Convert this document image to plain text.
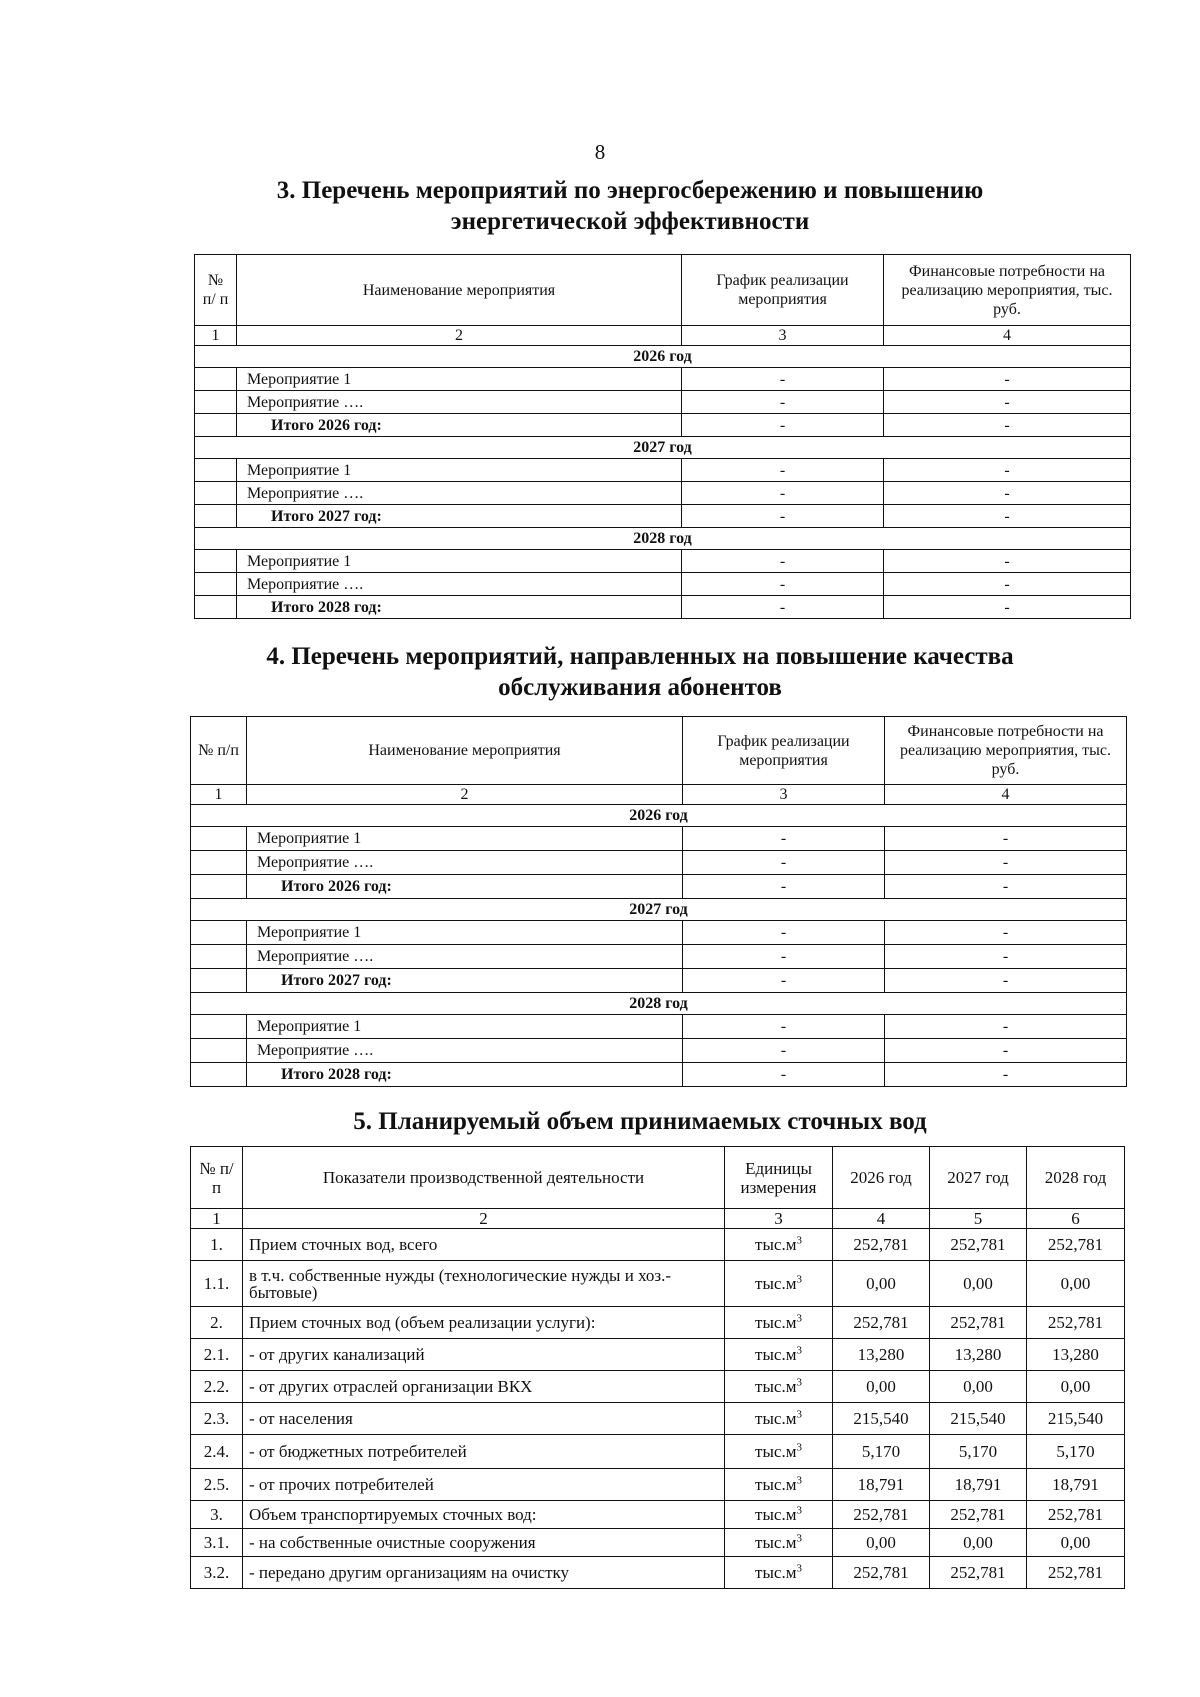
8
3. Перечень мероприятий по энергосбережению и повышению
энергетической эффективности
№ п/ п	Наименование мероприятия	График реализации мероприятия	Финансовые потребности на реализацию мероприятия, тыс. руб.
1	2	3	4
2026 год			
	Мероприятие 1	-	-
	Мероприятие ….	-	-
	Итого 2026 год:	-	-
2027 год			
	Мероприятие 1	-	-
	Мероприятие ….	-	-
	Итого 2027 год:	-	-
2028 год			
	Мероприятие 1	-	-
	Мероприятие ….	-	-
	Итого 2028 год:	-	-
4. Перечень мероприятий, направленных на повышение качества
обслуживания абонентов
№ п/п	Наименование мероприятия	График реализации мероприятия	Финансовые потребности на реализацию мероприятия, тыс. руб.
1	2	3	4
2026 год			
	Мероприятие 1	-	-
	Мероприятие ….	-	-
	Итого 2026 год:	-	-
2027 год			
	Мероприятие 1	-	-
	Мероприятие ….	-	-
	Итого 2027 год:	-	-
2028 год			
	Мероприятие 1	-	-
	Мероприятие ….	-	-
	Итого 2028 год:	-	-
5. Планируемый объем принимаемых сточных вод
№ п/п	Показатели производственной деятельности	Единицы измерения	2026 год	2027 год	2028 год
1	2	3	4	5	6
1.	Прием сточных вод, всего	$тыс.м^3$	252,781	252,781	252,781
1.1.	в т.ч. собственные нужды (технологические нужды и хоз.-бытовые)	$тыс.м^3$	0,00	0,00	0,00
2.	Прием сточных вод (объем реализации услуги):	$тыс.м^3$	252,781	252,781	252,781
2.1.	- от других канализаций	$тыс.м^3$	13,280	13,280	13,280
2.2.	- от других отраслей организации ВКХ	$тыс.м^3$	0,00	0,00	0,00
2.3.	- от населения	$тыс.м^3$	215,540	215,540	215,540
2.4.	- от бюджетных потребителей	$тыс.м^3$	5,170	5,170	5,170
2.5.	- от прочих потребителей	$тыс.м^3$	18,791	18,791	18,791
3.	Объем транспортируемых сточных вод:	$тыс.м^3$	252,781	252,781	252,781
3.1.	- на собственные очистные сооружения	$тыс.м^3$	0,00	0,00	0,00
3.2.	- передано другим организациям на очистку	$тыс.м^3$	252,781	252,781	252,781
